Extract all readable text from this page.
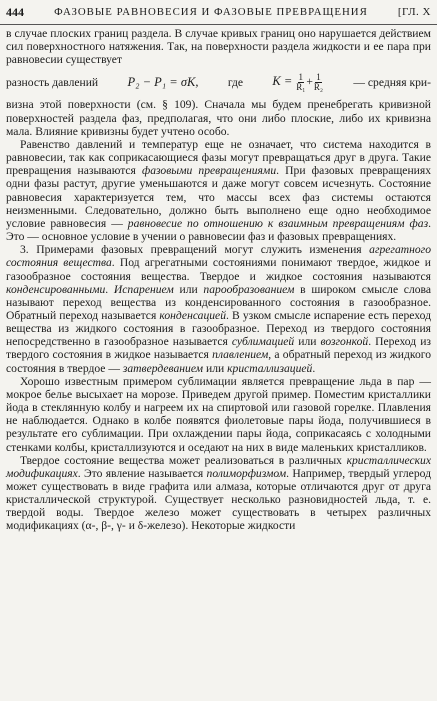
444	ФАЗОВЫЕ РАВНОВЕСИЯ И ФАЗОВЫЕ ПРЕВРАЩЕНИЯ	[ГЛ. X

в случае плоских границ раздела. В случае кривых границ оно нарушается действием сил поверхностного натяжения. Так, на поверхности раздела жидкости и ее пара при равновесии существует

разность давлений P₂ − P₁ = σK,	где $K = \frac{1}{\text{R₁}} + \frac{1}{\text{R₂}}$	— средняя кри-

визна этой поверхности (см. § 109). Сначала мы будем пренебрегать кривизной поверхностей раздела фаз, предполагая, что они либо плоские, либо их кривизна мала. Влияние кривизны будет учтено особо.

Равенство давлений и температур еще не означает, что система находится в равновесии, так как соприкасающиеся фазы могут превращаться друг в друга. Такие превращения называются фазовыми превращениями. При фазовых превращениях одни фазы растут, другие уменьшаются и даже могут совсем исчезнуть. Состояние равновесия характеризуется тем, что массы всех фаз системы остаются неизменными. Следовательно, должно быть выполнено еще одно необходимое условие равновесия — равновесие по отношению к взаимным превращениям фаз. Это — основное условие в учении о равновесии фаз и фазовых превращениях.

3. Примерами фазовых превращений могут служить изменения агрегатного состояния вещества. Под агрегатными состояниями понимают твердое, жидкое и газообразное состояния вещества. Твердое и жидкое состояния называются конденсированными. Испарением или парообразованием в широком смысле слова называют переход вещества из конденсированного состояния в газообразное. Обратный переход называется конденсацией. В узком смысле испарение есть переход вещества из жидкого состояния в газообразное. Переход из твердого состояния непосредственно в газообразное называется сублимацией или возгонкой. Переход из твердого состояния в жидкое называется плавлением, а обратный переход из жидкого состояния в твердое — затвердеванием или кристаллизацией.

Хорошо известным примером сублимации является превращение льда в пар — мокрое белье высыхает на морозе. Приведем другой пример. Поместим кристаллики йода в стеклянную колбу и нагреем их на спиртовой или газовой горелке. Плавления не наблюдается. Однако в колбе появятся фиолетовые пары йода, получившиеся в результате его сублимации. При охлаждении пары йода, соприкасаясь с холодными стенками колбы, кристаллизуются и оседают на них в виде маленьких кристалликов.

Твердое состояние вещества может реализоваться в различных кристаллических модификациях. Это явление называется полиморфизмом. Например, твердый углерод может существовать в виде графита или алмаза, которые отличаются друг от друга кристаллической структурой. Существует несколько разновидностей льда, т. е. твердой воды. Твердое железо может существовать в четырех различных модификациях (α-, β-, γ- и δ-железо). Некоторые жидкости
